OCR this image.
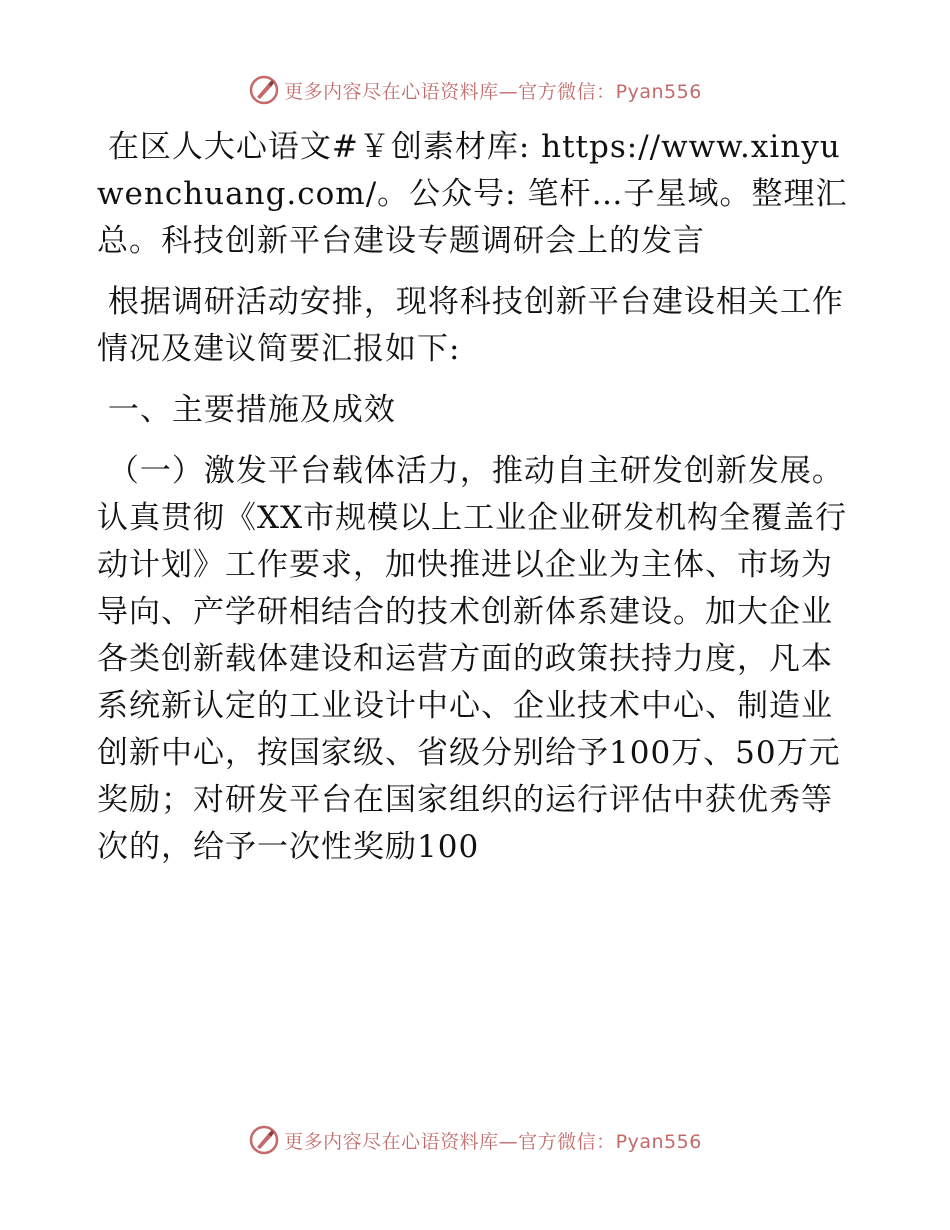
更多内容尽在心语资料库—官方微信：Pyan556

在区人大心语文#￥创素材库: https://www.xinyuwenchuang.com/。公众号: 笔杆…子星域。整理汇总。科技创新平台建设专题调研会上的发言

根据调研活动安排，现将科技创新平台建设相关工作情况及建议简要汇报如下:

一、主要措施及成效

（一）激发平台载体活力，推动自主研发创新发展。认真贯彻《XX市规模以上工业企业研发机构全覆盖行动计划》工作要求，加快推进以企业为主体、市场为导向、产学研相结合的技术创新体系建设。加大企业各类创新载体建设和运营方面的政策扶持力度，凡本系统新认定的工业设计中心、企业技术中心、制造业创新中心，按国家级、省级分别给予100万、50万元奖励；对研发平台在国家组织的运行评估中获优秀等次的，给予一次性奖励100

更多内容尽在心语资料库—官方微信：Pyan556
